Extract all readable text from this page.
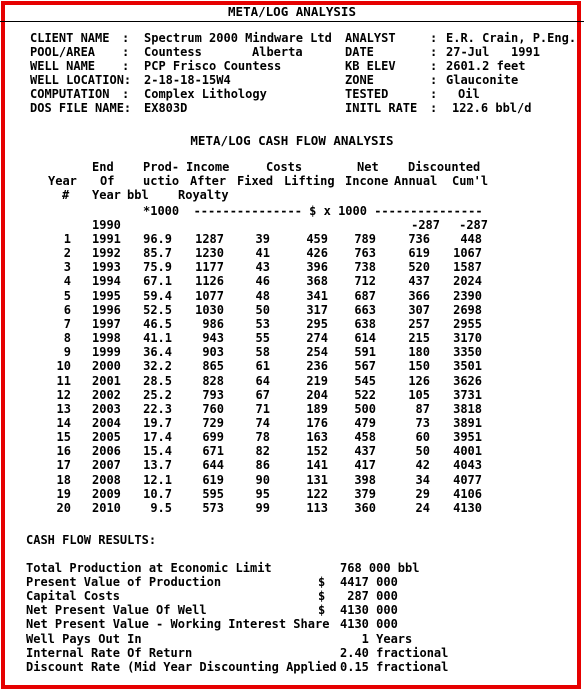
META/LOG ANALYSIS
CLIENT NAME : Spectrum 2000 Mindware Ltd
POOL/AREA : Countess	Alberta
WELL NAME : PCP Frisco Countess
WELL LOCATION: 2-18-18-15W4
COMPUTATION : Complex Lithology
DOS FILE NAME: EX803D
ANALYST	: E.R. Crain, P.Eng.
DATE	: 27-Jul   1991
KB ELEV	: 2601.2 feet
ZONE	: Glauconite
TESTED	: Oil
INITL RATE : 122.6 bbl/d
META/LOG CASH FLOW ANALYSIS
End Prod- Income	Costs	Net Discounted
Year Of uctio After Fixed Lifting Incone Annual Cum'l
# Year bbl Royalty
*1000  --------------- $ x 1000 ---------------
1990	-287 -287
1 1991 96.9 1287	39	459 789	736	448
2 1992 85.7 1230	41	426 763	619 1067
3 1993 75.9 1177	43	396 738	520 1587
4 1994 67.1 1126	46	368 712	437 2024
5 1995 59.4 1077	48	341 687	366 2390
6 1996 52.5 1030	50	317 663	307 2698
7 1997 46.5	986	53	295 638	257 2955
8 1998 41.1	943	55	274 614	215 3170
9 1999 36.4	903	58	254 591	180 3350
10 2000 32.2	865	61	236 567	150 3501
11 2001 28.5	828	64	219 545	126 3626
12 2002 25.2	793	67	204 522	105 3731
13 2003 22.3	760	71	189 500	87 3818
14 2004 19.7	729	74	176 479	73 3891
15 2005 17.4	699	78	163 458	60 3951
16 2006 15.4	671	82	152 437	50 4001
17 2007 13.7	644	86	141 417	42 4043
18 2008 12.1	619	90	131 398	34 4077
19 2009 10.7	595	95	122 379	29 4106
20 2010 9.5	573	99	113 360	24 4130
CASH FLOW RESULTS:
Total Production at Economic Limit	768 000 bbl
Present Value of Production	$ 4417 000
Capital Costs	$ 287 000
Net Present Value Of Well	$ 4130 000
Net Present Value - Working Interest Share 4130 000
Well Pays Out In	1 Years
Internal Rate Of Return	2.40 fractional
Discount Rate (Mid Year Discounting Applied 0.15 fractional
